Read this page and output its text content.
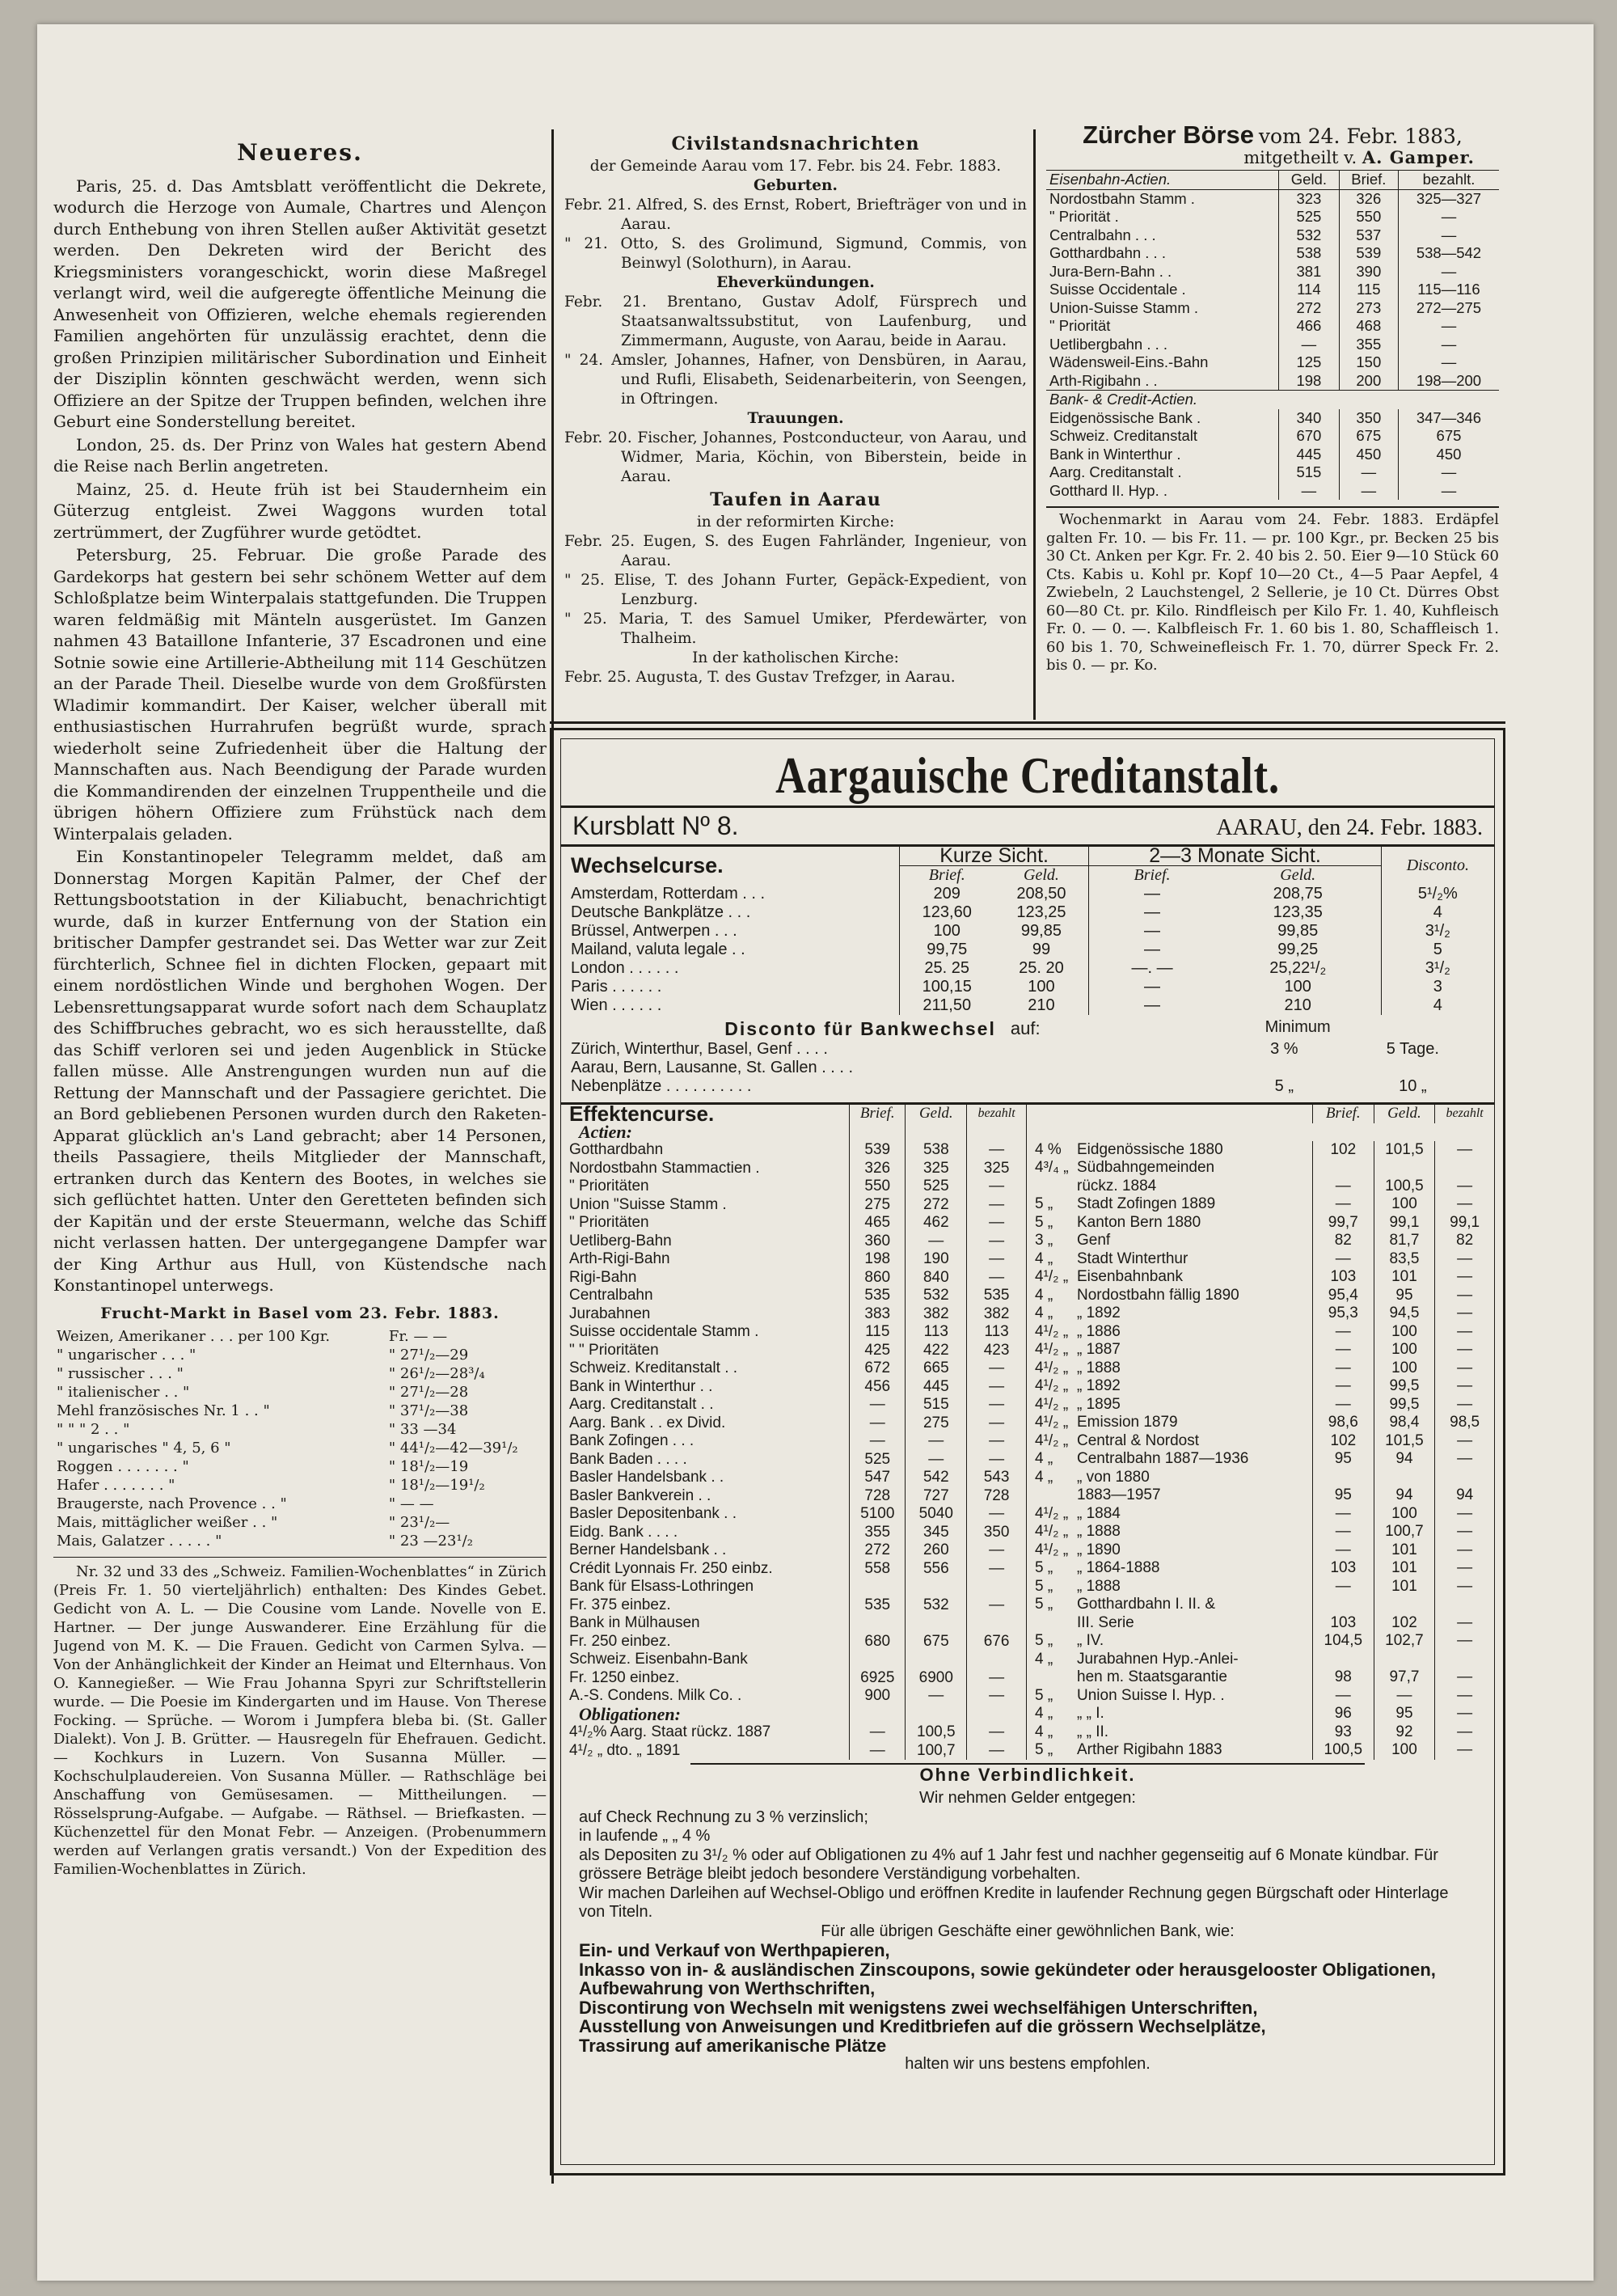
Neueres.

Paris, 25. d. Das Amtsblatt veröffentlicht die Dekrete, wodurch die Herzoge von Aumale, Chartres und Alençon durch Enthebung von ihren Stellen außer Aktivität gesetzt werden. Den Dekreten wird der Bericht des Kriegsministers vorangeschickt, worin diese Maßregel verlangt wird, weil die aufgeregte öffentliche Meinung die Anwesenheit von Offizieren, welche ehemals regierenden Familien angehörten für unzulässig erachtet, denn die großen Prinzipien militärischer Subordination und Einheit der Disziplin könnten geschwächt werden, wenn sich Offiziere an der Spitze der Truppen befinden, welchen ihre Geburt eine Sonderstellung bereitet.

London, 25. ds. Der Prinz von Wales hat gestern Abend die Reise nach Berlin angetreten.

Mainz, 25. d. Heute früh ist bei Staudernheim ein Güterzug entgleist. Zwei Waggons wurden total zertrümmert, der Zugführer wurde getödtet.

Petersburg, 25. Februar. Die große Parade des Gardekorps hat gestern bei sehr schönem Wetter auf dem Schloßplatze beim Winterpalais stattgefunden. Die Truppen waren feldmäßig mit Mänteln ausgerüstet. Im Ganzen nahmen 43 Bataillone Infanterie, 37 Escadronen und eine Sotnie sowie eine Artillerie-Abtheilung mit 114 Geschützen an der Parade Theil. Dieselbe wurde von dem Großfürsten Wladimir kommandirt. Der Kaiser, welcher überall mit enthusiastischen Hurrahrufen begrüßt wurde, sprach wiederholt seine Zufriedenheit über die Haltung der Mannschaften aus. Nach Beendigung der Parade wurden die Kommandirenden der einzelnen Truppentheile und die übrigen höhern Offiziere zum Frühstück nach dem Winterpalais geladen.

Ein Konstantinopeler Telegramm meldet, daß am Donnerstag Morgen Kapitän Palmer, der Chef der Rettungsbootstation in der Kiliabucht, benachrichtigt wurde, daß in kurzer Entfernung von der Station ein britischer Dampfer gestrandet sei. Das Wetter war zur Zeit fürchterlich, Schnee fiel in dichten Flocken, gepaart mit einem nordöstlichen Winde und berghohen Wogen. Der Lebensrettungsapparat wurde sofort nach dem Schauplatz des Schiffbruches gebracht, wo es sich herausstellte, daß das Schiff verloren sei und jeden Augenblick in Stücke fallen müsse. Alle Anstrengungen wurden nun auf die Rettung der Mannschaft und der Passagiere gerichtet. Die an Bord gebliebenen Personen wurden durch den Raketen-Apparat glücklich an's Land gebracht; aber 14 Personen, theils Passagiere, theils Mitglieder der Mannschaft, ertranken durch das Kentern des Bootes, in welches sie sich geflüchtet hatten. Unter den Geretteten befinden sich der Kapitän und der erste Steuermann, welche das Schiff nicht verlassen hatten. Der untergegangene Dampfer war der King Arthur aus Hull, von Küstendsche nach Konstantinopel unterwegs.

Frucht-Markt in Basel vom 23. Febr. 1883.
Weizen, Amerikaner . . . per 100 Kgr.	Fr. — —
" ungarischer . . . "	" 27¹/₂—29
" russischer . . . "	" 26¹/₂—28³/₄
" italienischer . . "	" 27¹/₂—28
Mehl französisches Nr. 1 . . "	" 37¹/₂—38
" " " 2 . . "	" 33 —34
" ungarisches " 4, 5, 6 "	" 44¹/₂—42—39¹/₂
Roggen . . . . . . . "	" 18¹/₂—19
Hafer . . . . . . . "	" 18¹/₂—19¹/₂
Braugerste, nach Provence . . "	" — —
Mais, mittäglicher weißer . . "	" 23¹/₂—
Mais, Galatzer . . . . . "	" 23 —23¹/₂

Nr. 32 und 33 des „Schweiz. Familien-Wochenblattes“ in Zürich (Preis Fr. 1. 50 vierteljährlich) enthalten: Des Kindes Gebet. Gedicht von A. L. — Die Cousine vom Lande. Novelle von E. Hartner. — Der junge Auswanderer. Eine Erzählung für die Jugend von M. K. — Die Frauen. Gedicht von Carmen Sylva. — Von der Anhänglichkeit der Kinder an Heimat und Elternhaus. Von O. Kannegießer. — Wie Frau Johanna Spyri zur Schriftstellerin wurde. — Die Poesie im Kindergarten und im Hause. Von Therese Focking. — Sprüche. — Worom i Jumpfera bleba bi. (St. Galler Dialekt). Von J. B. Grütter. — Hausregeln für Ehefrauen. Gedicht. — Kochkurs in Luzern. Von Susanna Müller. — Kochschulplaudereien. Von Susanna Müller. — Rathschläge bei Anschaffung von Gemüsesamen. — Mittheilungen. — Rösselsprung-Aufgabe. — Aufgabe. — Räthsel. — Briefkasten. — Küchenzettel für den Monat Febr. — Anzeigen. (Probenummern werden auf Verlangen gratis versandt.) Von der Expedition des Familien-Wochenblattes in Zürich.

Civilstandsnachrichten
der Gemeinde Aarau vom 17. Febr. bis 24. Febr. 1883.
Geburten.
Febr. 21. Alfred, S. des Ernst, Robert, Briefträger von und in Aarau.
" 21. Otto, S. des Grolimund, Sigmund, Commis, von Beinwyl (Solothurn), in Aarau.
Eheverkündungen.
Febr. 21. Brentano, Gustav Adolf, Fürsprech und Staatsanwaltssubstitut, von Laufenburg, und Zimmermann, Auguste, von Aarau, beide in Aarau.
" 24. Amsler, Johannes, Hafner, von Densbüren, in Aarau, und Rufli, Elisabeth, Seidenarbeiterin, von Seengen, in Oftringen.
Trauungen.
Febr. 20. Fischer, Johannes, Postconducteur, von Aarau, und Widmer, Maria, Köchin, von Biberstein, beide in Aarau.
Taufen in Aarau
in der reformirten Kirche:
Febr. 25. Eugen, S. des Eugen Fahrländer, Ingenieur, von Aarau.
" 25. Elise, T. des Johann Furter, Gepäck-Expedient, von Lenzburg.
" 25. Maria, T. des Samuel Umiker, Pferdewärter, von Thalheim.
In der katholischen Kirche:
Febr. 25. Augusta, T. des Gustav Trefzger, in Aarau.
Zürcher Börse vom 24. Febr. 1883,
mitgetheilt v. A. Gamper.
Eisenbahn-Actien.	Geld.	Brief.	bezahlt.
Nordostbahn Stamm .	323	326	325—327
" Priorität .	525	550	—
Centralbahn . . .	532	537	—
Gotthardbahn . . .	538	539	538—542
Jura-Bern-Bahn . .	381	390	—
Suisse Occidentale .	114	115	115—116
Union-Suisse Stamm .	272	273	272—275
" Priorität	466	468	—
Uetlibergbahn . . .	—	355	—
Wädensweil-Eins.-Bahn	125	150	—
Arth-Rigibahn . .	198	200	198—200
Bank- & Credit-Actien.			
Eidgenössische Bank .	340	350	347—346
Schweiz. Creditanstalt	670	675	675
Bank in Winterthur .	445	450	450
Aarg. Creditanstalt .	515	—	—
Gotthard II. Hyp. .	—	—	—

Wochenmarkt in Aarau vom 24. Febr. 1883. Erdäpfel galten Fr. 10. — bis Fr. 11. — pr. 100 Kgr., pr. Becken 25 bis 30 Ct. Anken per Kgr. Fr. 2. 40 bis 2. 50. Eier 9—10 Stück 60 Cts. Kabis u. Kohl pr. Kopf 10—20 Ct., 4—5 Paar Aepfel, 4 Zwiebeln, 2 Lauchstengel, 2 Sellerie, je 10 Ct. Dürres Obst 60—80 Ct. pr. Kilo. Rindfleisch per Kilo Fr. 1. 40, Kuhfleisch Fr. 0. — 0. —. Kalbfleisch Fr. 1. 60 bis 1. 80, Schaffleisch 1. 60 bis 1. 70, Schweinefleisch Fr. 1. 70, dürrer Speck Fr. 2. bis 0. — pr. Ko.

Aargauische Creditanstalt.
Kursblatt Nº 8.	AARAU, den 24. Febr. 1883.
Wechselcurse.	Kurze Sicht.		2—3 Monate Sicht.		Disconto.
	Brief.	Geld.	Brief.	Geld.	
Amsterdam, Rotterdam . . .	209	208,50	—	208,75	5¹/₂%
Deutsche Bankplätze . . .	123,60	123,25	—	123,35	4
Brüssel, Antwerpen . . .	100	99,85	—	99,85	3¹/₂
Mailand, valuta legale . .	99,75	99	—	99,25	5
London . . . . . .	25. 25	25. 20	—. —	25,22¹/₂	3¹/₂
Paris . . . . . .	100,15	100	—	100	3
Wien . . . . . .	211,50	210	—	210	4
Disconto für Bankwechsel auf:	Minimum
Zürich, Winterthur, Basel, Genf . . . .	3 %	5 Tage.
Aarau, Bern, Lausanne, St. Gallen . . . .		
Nebenplätze . . . . . . . . . .	5 „	10 „
Effektencurse.	Brief.	Geld.	bezahlt
Actien:			
Gotthardbahn	539	538	—
Nordostbahn Stammactien .	326	325	325
" Prioritäten	550	525	—
Union "Suisse Stamm .	275	272	—
" Prioritäten	465	462	—
Uetliberg-Bahn	360	—	—
Arth-Rigi-Bahn	198	190	—
Rigi-Bahn	860	840	—
Centralbahn	535	532	535
Jurabahnen	383	382	382
Suisse occidentale Stamm .	115	113	113
" " Prioritäten	425	422	423

Schweiz. Kreditanstalt . .	672	665	—
Bank in Winterthur . .	456	445	—
Aarg. Creditanstalt . .	—	515	—
Aarg. Bank . . ex Divid.	—	275	—
Bank Zofingen . . .	—	—	—
Bank Baden . . . .	525	—	—
Basler Handelsbank . .	547	542	543
Basler Bankverein . .	728	727	728
Basler Depositenbank . .	5100	5040	—
Eidg. Bank . . . .	355	345	350
Berner Handelsbank . .	272	260	—
Crédit Lyonnais Fr. 250 einbz.	558	556	—
Bank für Elsass-Lothringen			
Fr. 375 einbez.	535	532	—
Bank in Mülhausen			
Fr. 250 einbez.	680	675	676
Schweiz. Eisenbahn-Bank			
Fr. 1250 einbez.	6925	6900	—
A.-S. Condens. Milk Co. .	900	—	—
Obligationen:			
4¹/₂% Aarg. Staat rückz. 1887	—	100,5	—
4¹/₂ „ dto. „ 1891	—	100,7	—
		Brief.	Geld.	bezahlt

4 %	Eidgenössische 1880	102	101,5	—
4³/₄ „	Südbahngemeinden			
	rückz. 1884	—	100,5	—
5 „	Stadt Zofingen 1889	—	100	—
5 „	Kanton Bern 1880	99,7	99,1	99,1
3 „	Genf	82	81,7	82
4 „	Stadt Winterthur	—	83,5	—
4¹/₂ „	Eisenbahnbank	103	101	—
4 „	Nordostbahn fällig 1890	95,4	95	—
4 „	„ 1892	95,3	94,5	—
4¹/₂ „	„ 1886	—	100	—
4¹/₂ „	„ 1887	—	100	—
4¹/₂ „	„ 1888	—	100	—
4¹/₂ „	„ 1892	—	99,5	—
4¹/₂ „	„ 1895	—	99,5	—
4¹/₂ „	Emission 1879	98,6	98,4	98,5
4¹/₂ „	Central & Nordost	102	101,5	—
4 „	Centralbahn 1887—1936	95	94	—
4 „	„ von 1880			
	1883—1957	95	94	94
4¹/₂ „	„ 1884	—	100	—
4¹/₂ „	„ 1888	—	100,7	—
4¹/₂ „	„ 1890	—	101	—
5 „	„ 1864-1888	103	101	—
5 „	„ 1888	—	101	—
5 „	Gotthardbahn I. II. &			
	III. Serie	103	102	—
5 „	„ IV.	104,5	102,7	—
4 „	Jurabahnen Hyp.-Anlei-			
	hen m. Staatsgarantie	98	97,7	—

5 „	Union Suisse I. Hyp. .	—	—	—
4 „	„ „ I.	96	95	—
4 „	„ „ II.	93	92	—
5 „	Arther Rigibahn 1883	100,5	100	—
Ohne Verbindlichkeit.
Wir nehmen Gelder entgegen:
auf Check Rechnung zu 3 % verzinslich;
in laufende „ „ 4 %
als Depositen zu 3¹/₂ % oder auf Obligationen zu 4% auf 1 Jahr fest und nachher gegenseitig auf 6 Monate kündbar. Für grössere Beträge bleibt jedoch besondere Verständigung vorbehalten.
Wir machen Darleihen auf Wechsel-Obligo und eröffnen Kredite in laufender Rechnung gegen Bürgschaft oder Hinterlage von Titeln.
Für alle übrigen Geschäfte einer gewöhnlichen Bank, wie:
Ein- und Verkauf von Werthpapieren,
Inkasso von in- & ausländischen Zinscoupons, sowie gekündeter oder herausgelooster Obligationen,
Aufbewahrung von Werthschriften,
Discontirung von Wechseln mit wenigstens zwei wechselfähigen Unterschriften,
Ausstellung von Anweisungen und Kreditbriefen auf die grössern Wechselplätze,
Trassirung auf amerikanische Plätze
halten wir uns bestens empfohlen.
